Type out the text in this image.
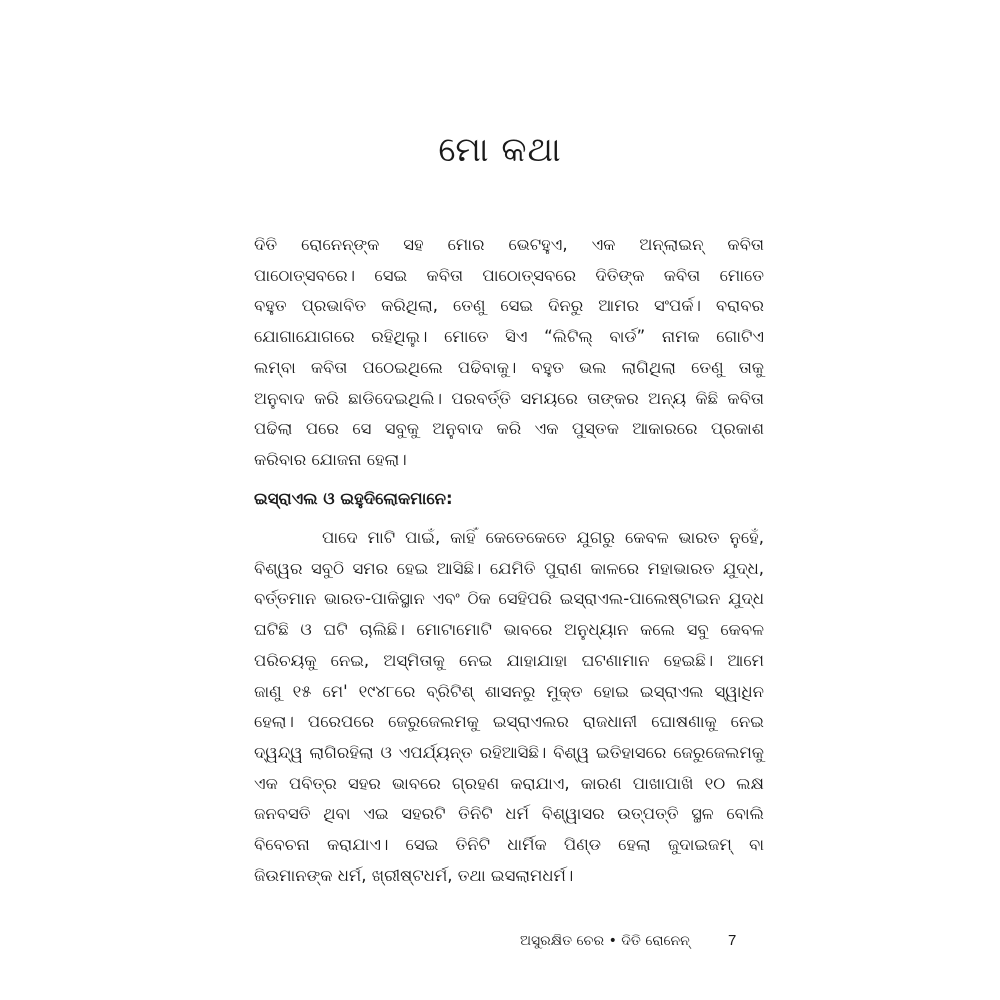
ମୋ କଥା
ଦିତି ରୋନେନ୍‌ଙ୍କ ସହ ମୋର ଭେଟହୁଏ, ଏକ ଅନ୍‌ଲାଇନ୍ କବିତା
ପାଠୋତ୍ସବରେ। ସେଇ କବିତା ପାଠୋତ୍ସବରେ ଦିତିଙ୍କ କବିତା ମୋତେ
ବହୁତ ପ୍ରଭାବିତ କରିଥିଲା, ତେଣୁ ସେଇ ଦିନରୁ ଆମର ସଂପର୍କ। ବରାବର
ଯୋଗାଯୋଗରେ ରହିଥିଲୁ। ମୋତେ ସିଏ “ଲିଟିଲ୍ ବାର୍ଡ” ନାମକ ଗୋଟିଏ
ଲମ୍ବା କବିତା ପଠେଇଥିଲେ ପଢିବାକୁ। ବହୁତ ଭଲ ଲାଗିଥିଲା ତେଣୁ ତାକୁ
ଅନୁବାଦ କରି ଛାଡିଦେଇଥିଲି। ପରବର୍ତ୍ତି ସମୟରେ ତାଙ୍କର ଅନ୍ୟ କିଛି କବିତା
ପଢିଲା ପରେ ସେ ସବୁକୁ ଅନୁବାଦ କରି ଏକ ପୁସ୍ତକ ଆକାରରେ ପ୍ରକାଶ
କରିବାର ଯୋଜନା ହେଲା।
ଇସ୍ରାଏଲ ଓ ଇହୁଦିଲୋକମାନେ:
ପାଦେ ମାଟି ପାଇଁ, କାହିଁ କେତେକେତେ ଯୁଗରୁ କେବଳ ଭାରତ ନୁହେଁ,
ବିଶ୍ୱର ସବୁଠି ସମର ହେଇ ଆସିଛି। ଯେମିତି ପୁରାଣ କାଳରେ ମହାଭାରତ ଯୁଦ୍ଧ,
ବର୍ତ୍ତମାନ ଭାରତ-ପାକିସ୍ଥାନ ଏବଂ ଠିକ ସେହିପରି ଇସ୍ରାଏଲ-ପାଲେଷ୍ଟାଇନ ଯୁଦ୍ଧ
ଘଟିଛି ଓ ଘଟି ଚାଲିଛି। ମୋଟାମୋଟି ଭାବରେ ଅନୁଧ୍ୟାନ କଲେ ସବୁ କେବଳ
ପରିଚୟକୁ ନେଇ, ଅସ୍ମିତାକୁ ନେଇ ଯାହାଯାହା ଘଟଣାମାନ ହେଇଛି। ଆମେ
ଜାଣୁ ୧୫ ମେ' ୧୯୪୮ରେ ବ୍ରିଟିଶ୍ ଶାସନରୁ ମୁକ୍ତ ହୋଇ ଇସ୍ରାଏଲ ସ୍ୱାଧିନ
ହେଲା। ପରେପରେ ଜେରୁଜେଲମକୁ ଇସ୍ରାଏଲର ରାଜଧାନୀ ଘୋଷଣାକୁ ନେଇ
ଦ୍ୱନ୍ଦ୍ୱ ଲାଗିରହିଲା ଓ ଏପର୍ଯ୍ୟନ୍ତ ରହିଆସିଛି। ବିଶ୍ୱ ଇତିହାସରେ ଜେରୁଜେଲମକୁ
ଏକ ପବିତ୍ର ସହର ଭାବରେ ଗ୍ରହଣ କରାଯାଏ, କାରଣ ପାଖାପାଖି ୧୦ ଲକ୍ଷ
ଜନବସତି ଥିବା ଏଇ ସହରଟି ତିନିଟି ଧର୍ମ ବିଶ୍ୱାସର ଉତ୍ପତ୍ତି ସ୍ଥଳ ବୋଲି
ବିବେଚନା କରାଯାଏ। ସେଇ ତିନିଟି ଧାର୍ମିକ ପିଣ୍ଡ ହେଲା ଜୁଦାଇଜମ୍ ବା
ଜିଉମାନଙ୍କ ଧର୍ମ, ଖ୍ରୀଷ୍ଟଧର୍ମ, ତଥା ଇସଲାମଧର୍ମ।
ଅସୁରକ୍ଷିତ ଚେର • ଦିତି ରୋନେନ୍	7
